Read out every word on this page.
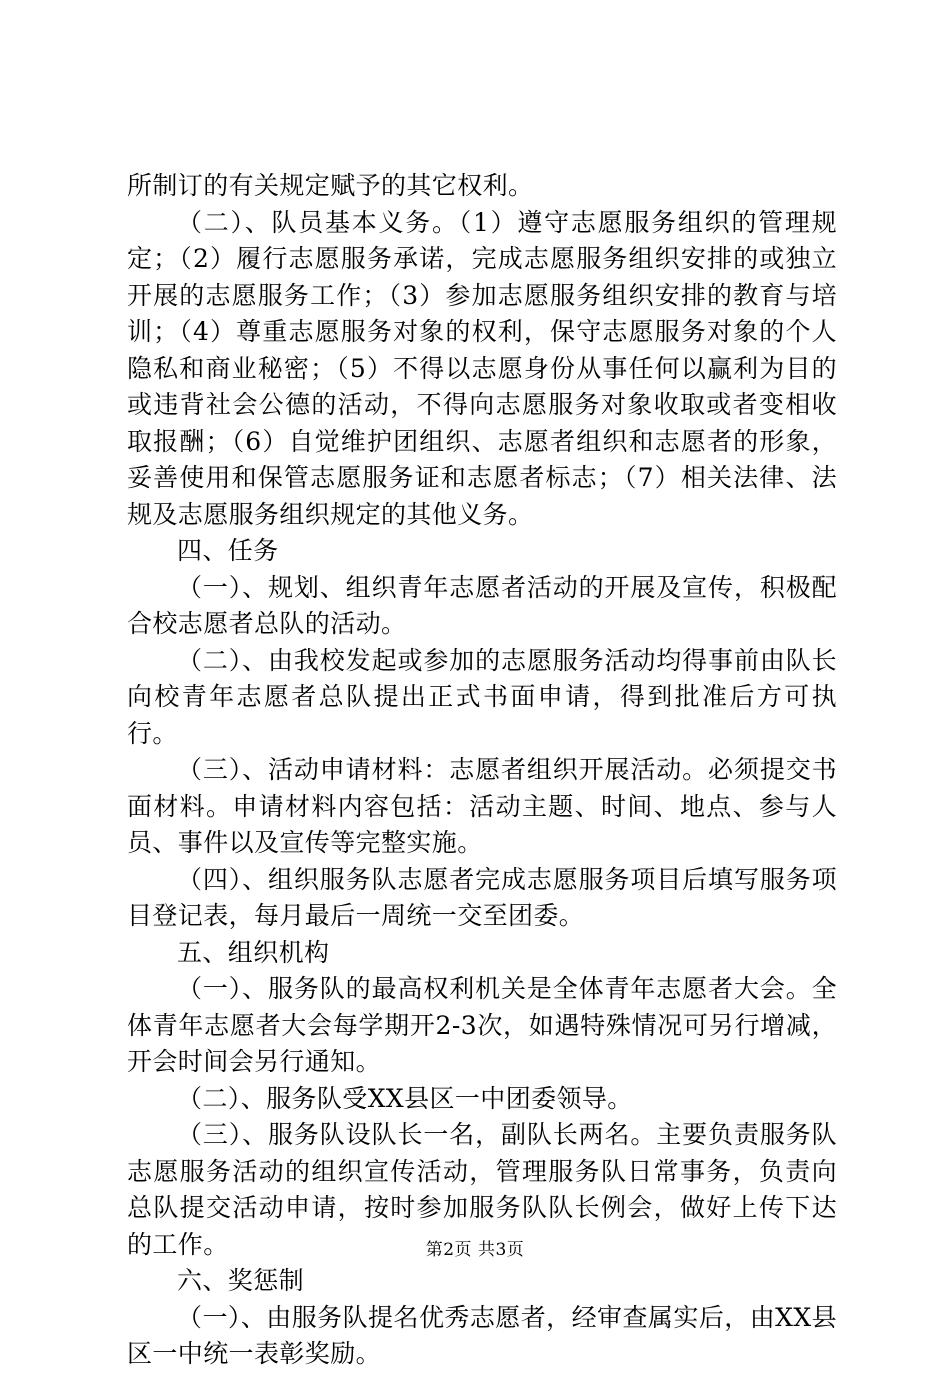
所制订的有关规定赋予的其它权利。

（二）、队员基本义务。（1）遵守志愿服务组织的管理规定；（2）履行志愿服务承诺，完成志愿服务组织安排的或独立开展的志愿服务工作；（3）参加志愿服务组织安排的教育与培训；（4）尊重志愿服务对象的权利，保守志愿服务对象的个人隐私和商业秘密；（5）不得以志愿身份从事任何以赢利为目的或违背社会公德的活动，不得向志愿服务对象收取或者变相收取报酬；（6）自觉维护团组织、志愿者组织和志愿者的形象，妥善使用和保管志愿服务证和志愿者标志；（7）相关法律、法规及志愿服务组织规定的其他义务。

四、任务

（一）、规划、组织青年志愿者活动的开展及宣传，积极配合校志愿者总队的活动。

（二）、由我校发起或参加的志愿服务活动均得事前由队长向校青年志愿者总队提出正式书面申请，得到批准后方可执行。

（三）、活动申请材料：志愿者组织开展活动。必须提交书面材料。申请材料内容包括：活动主题、时间、地点、参与人员、事件以及宣传等完整实施。

（四）、组织服务队志愿者完成志愿服务项目后填写服务项目登记表，每月最后一周统一交至团委。

五、组织机构

（一）、服务队的最高权利机关是全体青年志愿者大会。全体青年志愿者大会每学期开2-3次，如遇特殊情况可另行增减，开会时间会另行通知。

（二）、服务队受XX县区一中团委领导。

（三）、服务队设队长一名，副队长两名。主要负责服务队志愿服务活动的组织宣传活动，管理服务队日常事务，负责向总队提交活动申请，按时参加服务队队长例会，做好上传下达的工作。

六、奖惩制

（一）、由服务队提名优秀志愿者，经审查属实后，由XX县区一中统一表彰奖励。

第2页 共3页
